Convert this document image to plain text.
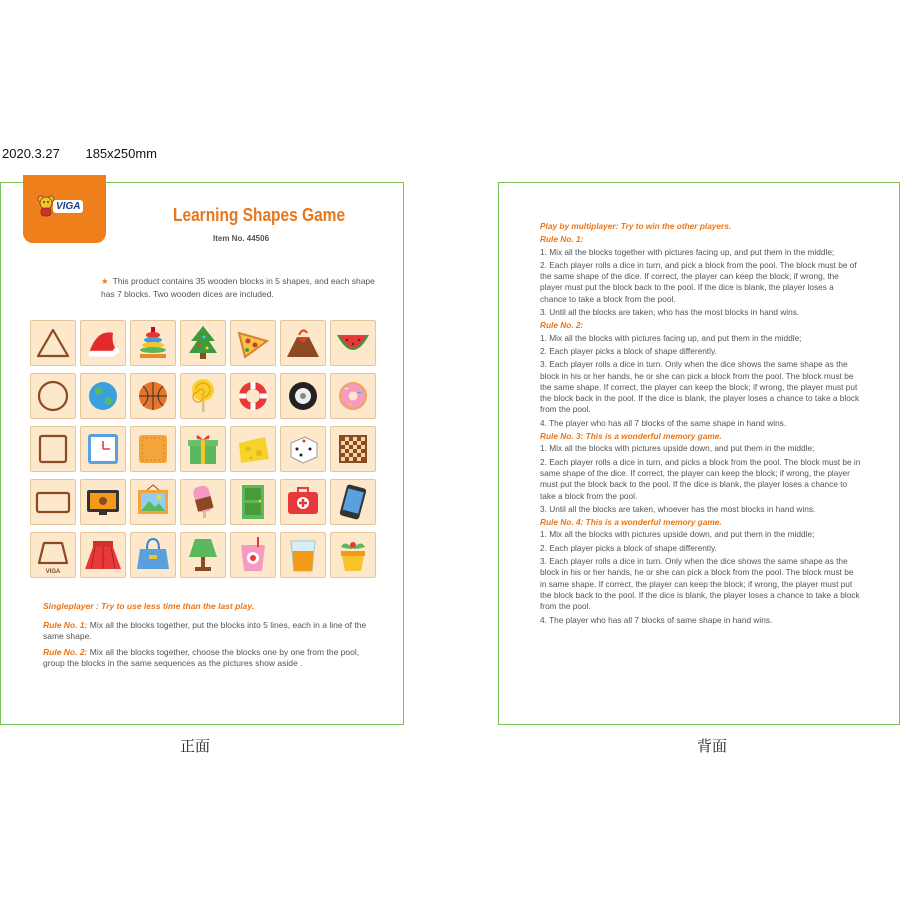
2020.3.27 185x250mm
VIGA	Learning Shapes Game
Item No. 44506
★ This product contains 35 wooden blocks in 5 shapes, and each shape has 7 blocks. Two wooden dices are included.
VIGA

Singleplayer : Try to use less time than the last play.

Rule No. 1: Mix all the blocks together, put the blocks into 5 lines, each in a line of the same shape.

Rule No. 2: Mix all the blocks together, choose the blocks one by one from the pool, group the blocks in the same sequences as the pictures show aside .

Play by multiplayer: Try to win the other players.
Rule No. 1:
1. Mix all the blocks together with pictures facing up, and put them in the middle;
2. Each player rolls a dice in turn, and pick a block from the pool. The block must be of the same shape of the dice. If correct, the player can keep the block; if wrong, the player must put the block back to the pool. If the dice is blank, the player loses a chance to take a block from the pool.
3. Until all the blocks are taken, who has the most blocks in hand wins.
Rule No. 2:
1. Mix all the blocks with pictures facing up, and put them in the middle;
2. Each player picks a block of shape differently.
3. Each player rolls a dice in turn. Only when the dice shows the same shape as the block in his or her hands, he or she can pick a block from the pool. The block must be the same shape. If correct, the player can keep the block; if wrong, the player must put the block back in the pool. If the dice is blank, the player loses a chance to take a block from the pool.
4. The player who has all 7 blocks of the same shape in hand wins.
Rule No. 3: This is a wonderful memory game.
1. Mix all the blocks with pictures upside down, and put them in the middle;
2. Each player rolls a dice in turn, and picks a block from the pool. The block must be in same shape of the dice. If correct, the player can keep the block; if wrong, the player must put the block back to the pool. If the dice is blank, the player loses a chance to take a block from the pool.
3. Until all the blocks are taken, whoever has the most blocks in hand wins.
Rule No. 4: This is a wonderful memory game.
1. Mix all the blocks with pictures upside down, and put them in the middle;
2. Each player picks a block of shape differently.
3. Each player rolls a dice in turn. Only when the dice shows the same shape as the block in his or her hands, he or she can pick a block from the pool. The block must be in same shape. If correct, the player can keep the block; if wrong, the player must put the block back to the pool. If the dice is blank, the player loses a chance to take a block from the pool.
4. The player who has all 7 blocks of same shape in hand wins.
正面	背面
